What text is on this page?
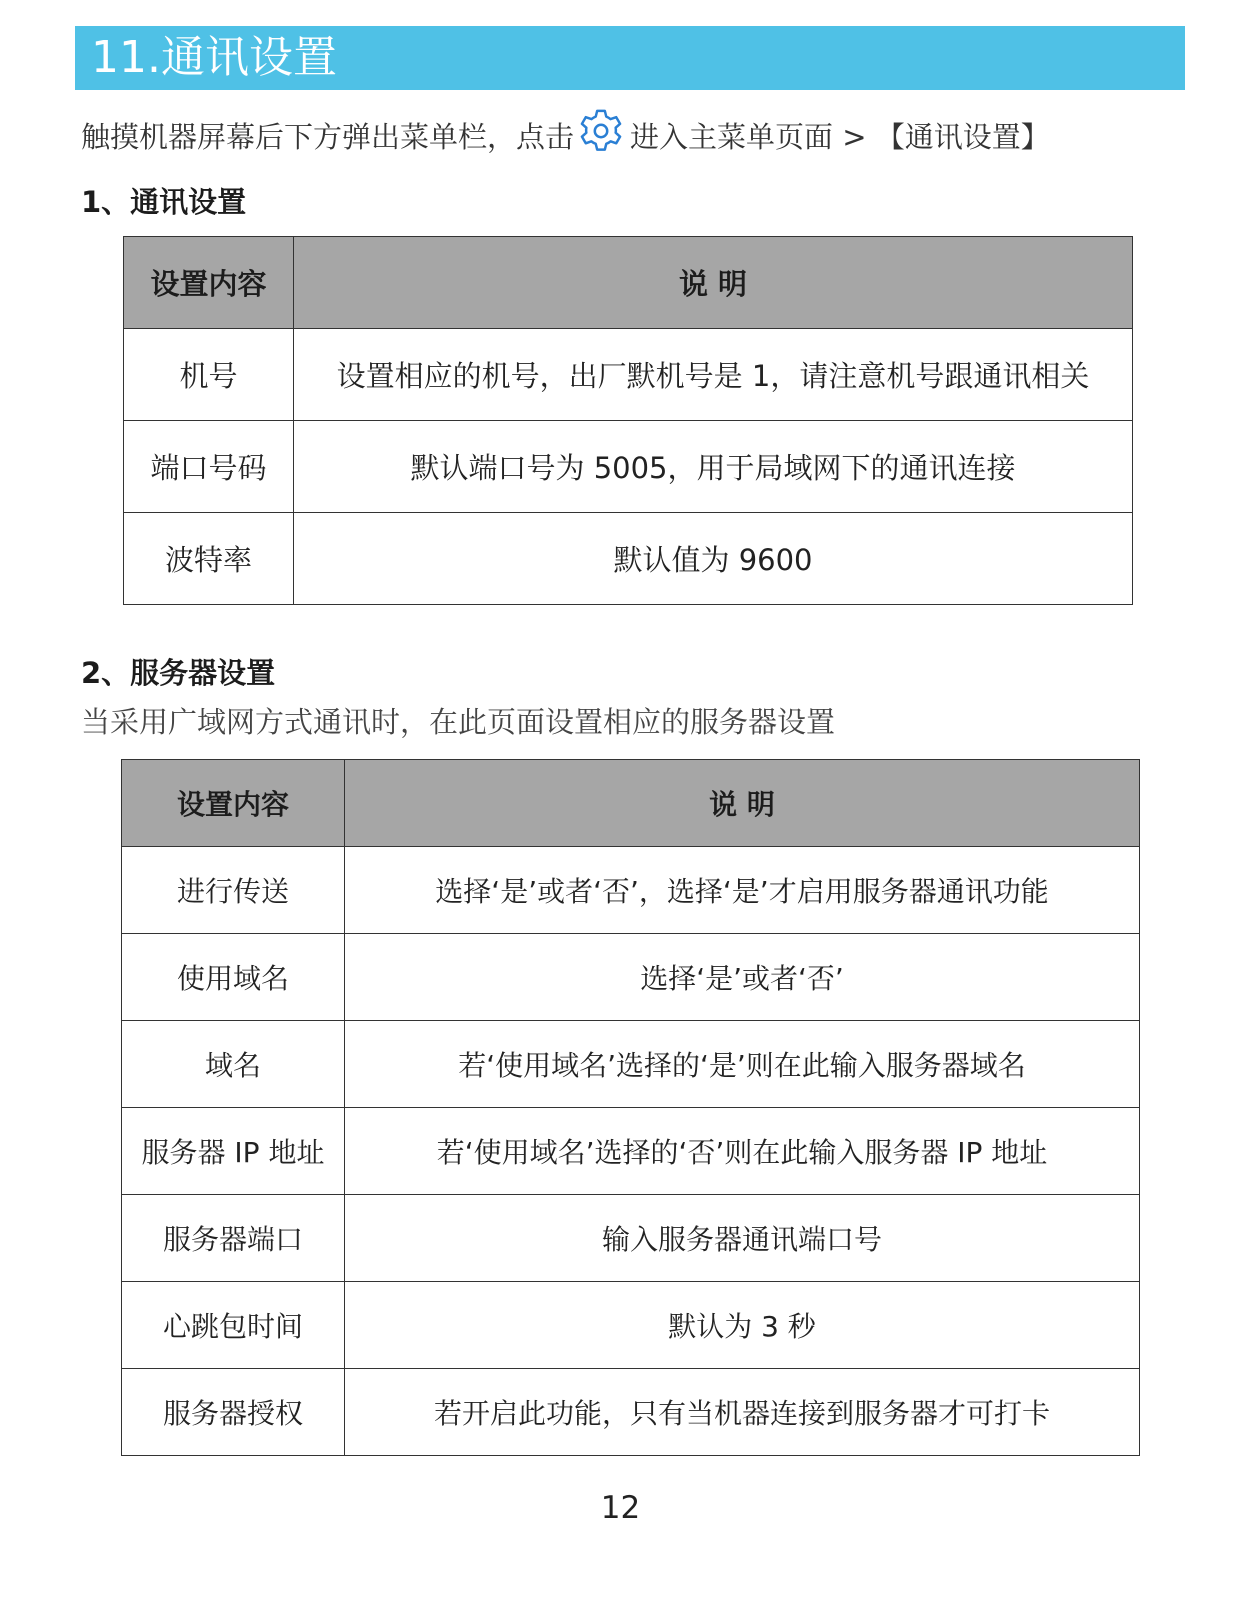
11.通讯设置
触摸机器屏幕后下方弹出菜单栏，点击 进入主菜单页面 > 【通讯设置】
1、通讯设置
设置内容	说 明
机号	设置相应的机号，出厂默机号是 1，请注意机号跟通讯相关
端口号码	默认端口号为 5005，用于局域网下的通讯连接
波特率	默认值为 9600
2、服务器设置
当采用广域网方式通讯时，在此页面设置相应的服务器设置
设置内容	说 明
进行传送	选择‘是’或者‘否’，选择‘是’才启用服务器通讯功能
使用域名	选择‘是’或者‘否’
域名	若‘使用域名’选择的‘是’则在此输入服务器域名
服务器 IP 地址	若‘使用域名’选择的‘否’则在此输入服务器 IP 地址
服务器端口	输入服务器通讯端口号
心跳包时间	默认为 3 秒
服务器授权	若开启此功能，只有当机器连接到服务器才可打卡
12
